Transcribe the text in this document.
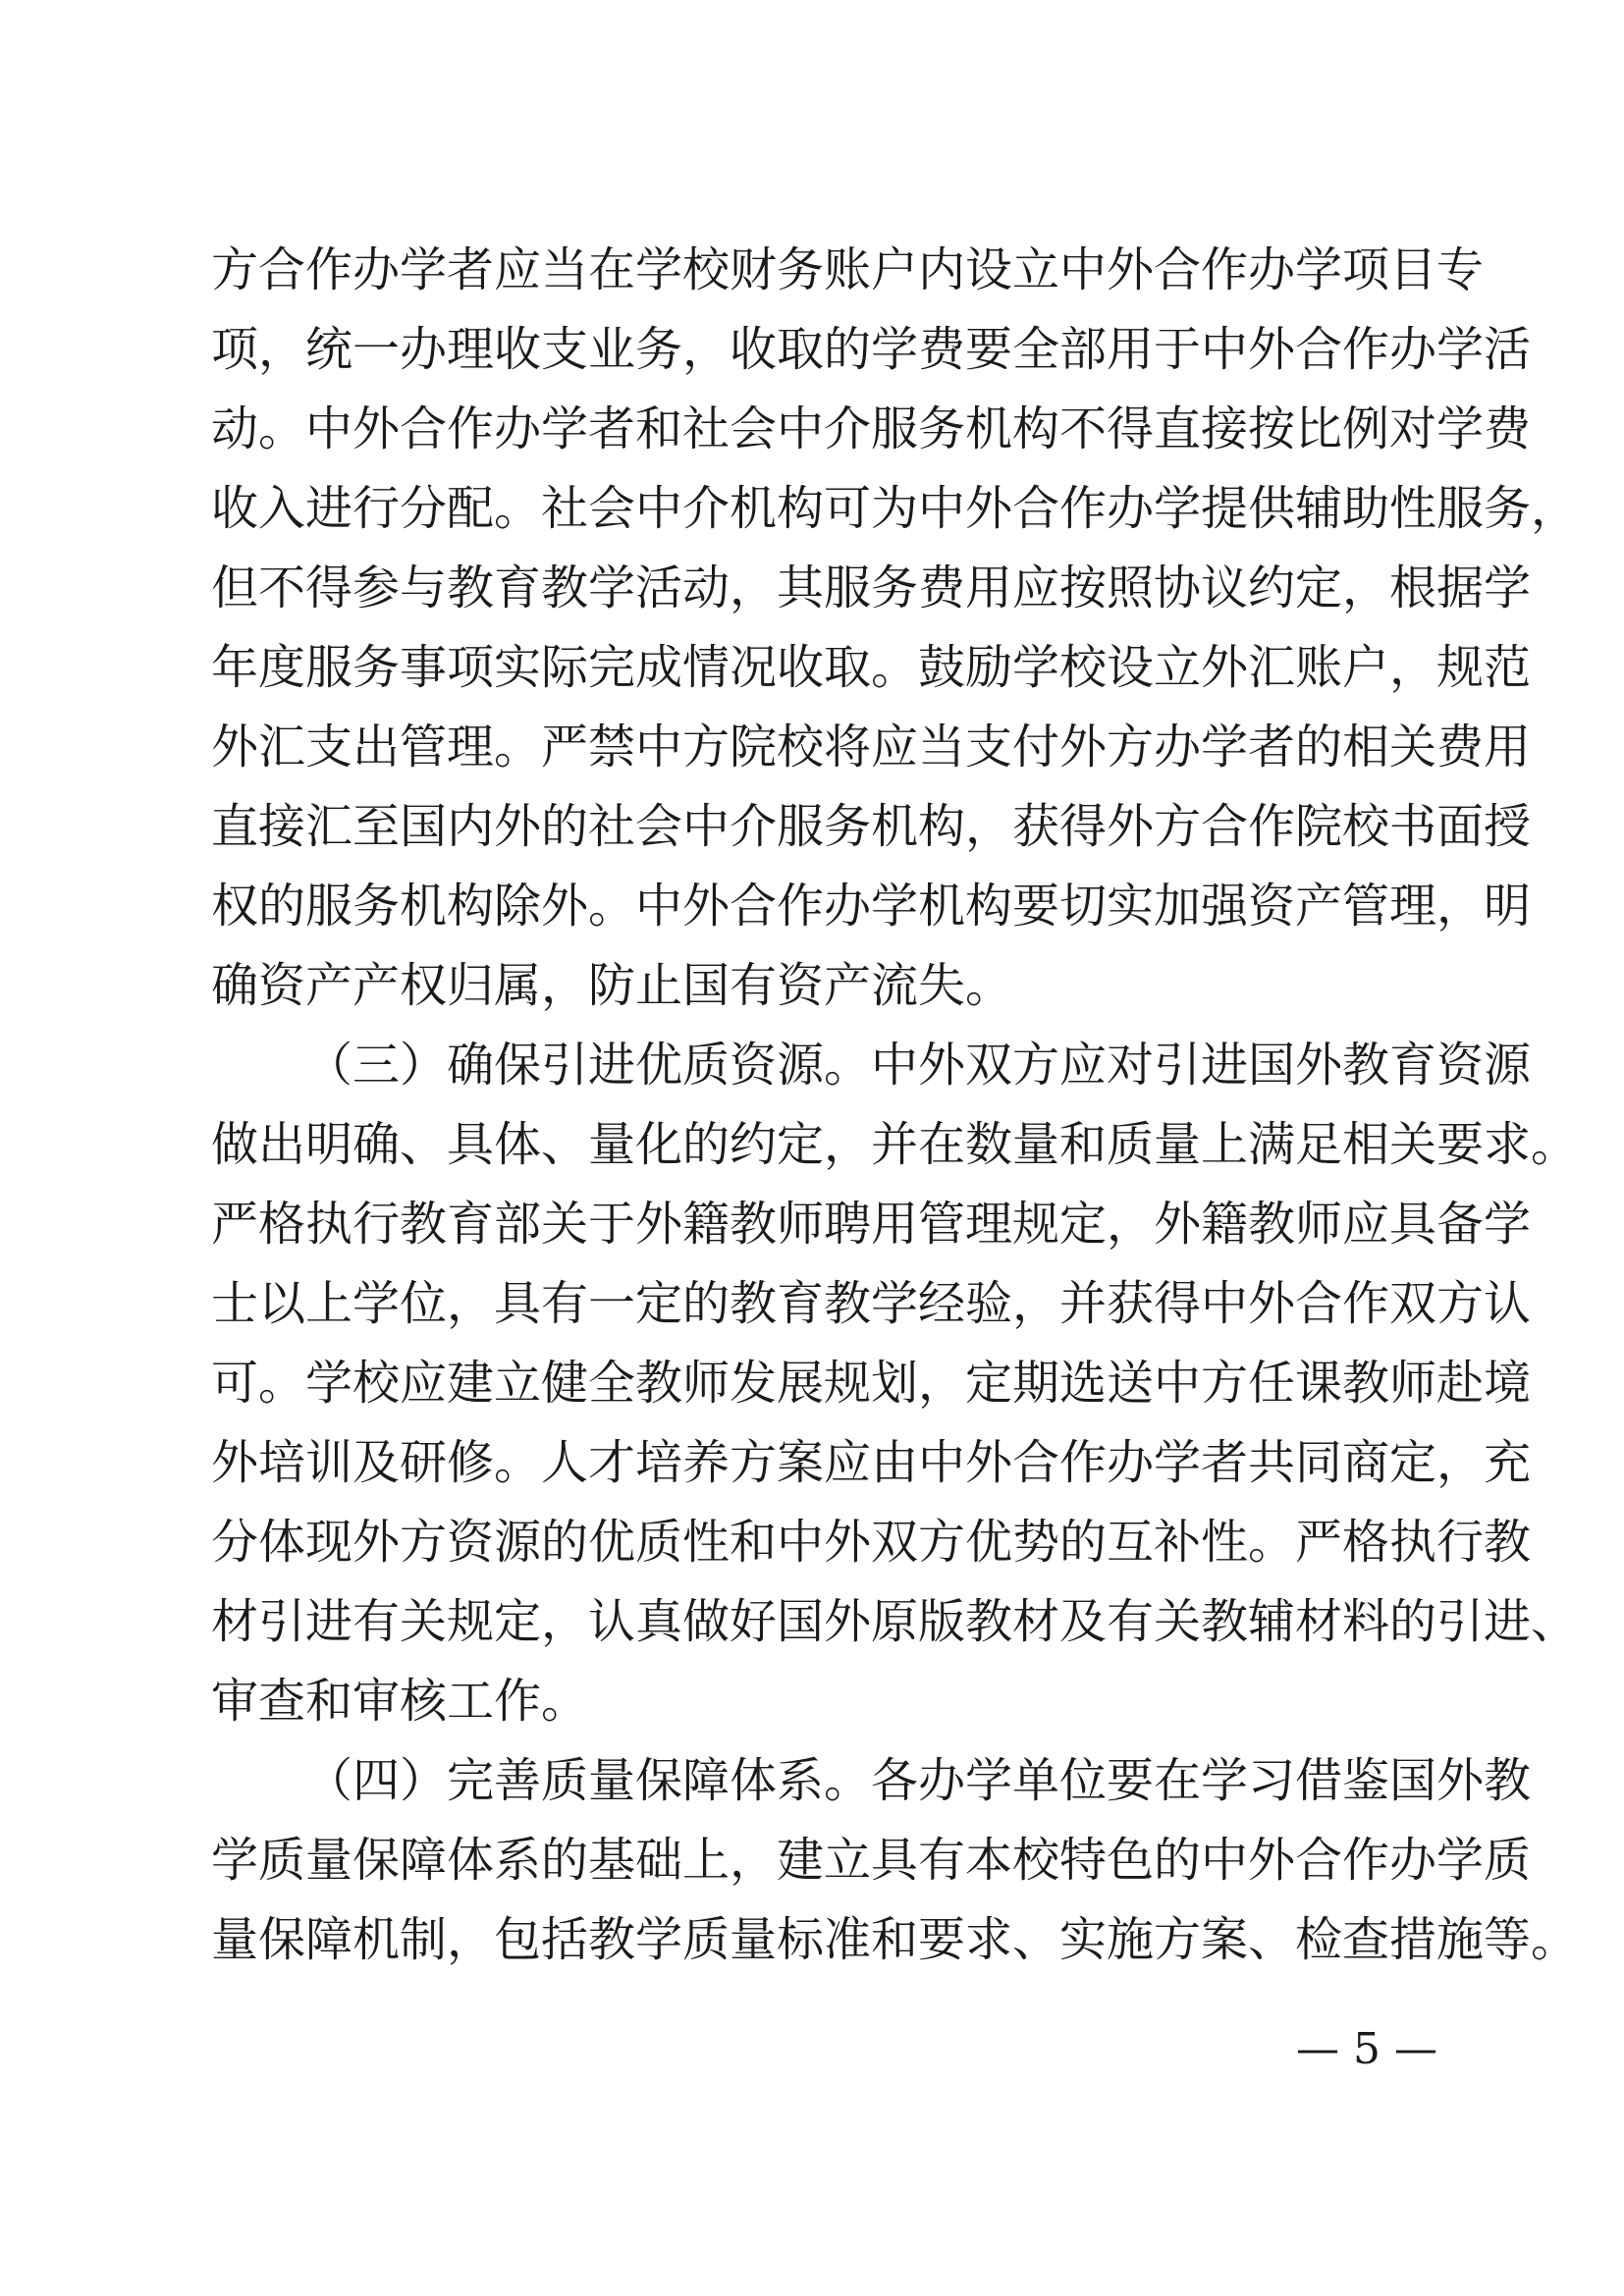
方合作办学者应当在学校财务账户内设立中外合作办学项目专
项，统一办理收支业务，收取的学费要全部用于中外合作办学活
动。中外合作办学者和社会中介服务机构不得直接按比例对学费
收入进行分配。社会中介机构可为中外合作办学提供辅助性服务，
但不得参与教育教学活动，其服务费用应按照协议约定，根据学
年度服务事项实际完成情况收取。鼓励学校设立外汇账户，规范
外汇支出管理。严禁中方院校将应当支付外方办学者的相关费用
直接汇至国内外的社会中介服务机构，获得外方合作院校书面授
权的服务机构除外。中外合作办学机构要切实加强资产管理，明
确资产产权归属，防止国有资产流失。
（三）确保引进优质资源。中外双方应对引进国外教育资源
做出明确、具体、量化的约定，并在数量和质量上满足相关要求。
严格执行教育部关于外籍教师聘用管理规定，外籍教师应具备学
士以上学位，具有一定的教育教学经验，并获得中外合作双方认
可。学校应建立健全教师发展规划，定期选送中方任课教师赴境
外培训及研修。人才培养方案应由中外合作办学者共同商定，充
分体现外方资源的优质性和中外双方优势的互补性。严格执行教
材引进有关规定，认真做好国外原版教材及有关教辅材料的引进、
审查和审核工作。
（四）完善质量保障体系。各办学单位要在学习借鉴国外教
学质量保障体系的基础上，建立具有本校特色的中外合作办学质
量保障机制，包括教学质量标准和要求、实施方案、检查措施等。
— 5 —
